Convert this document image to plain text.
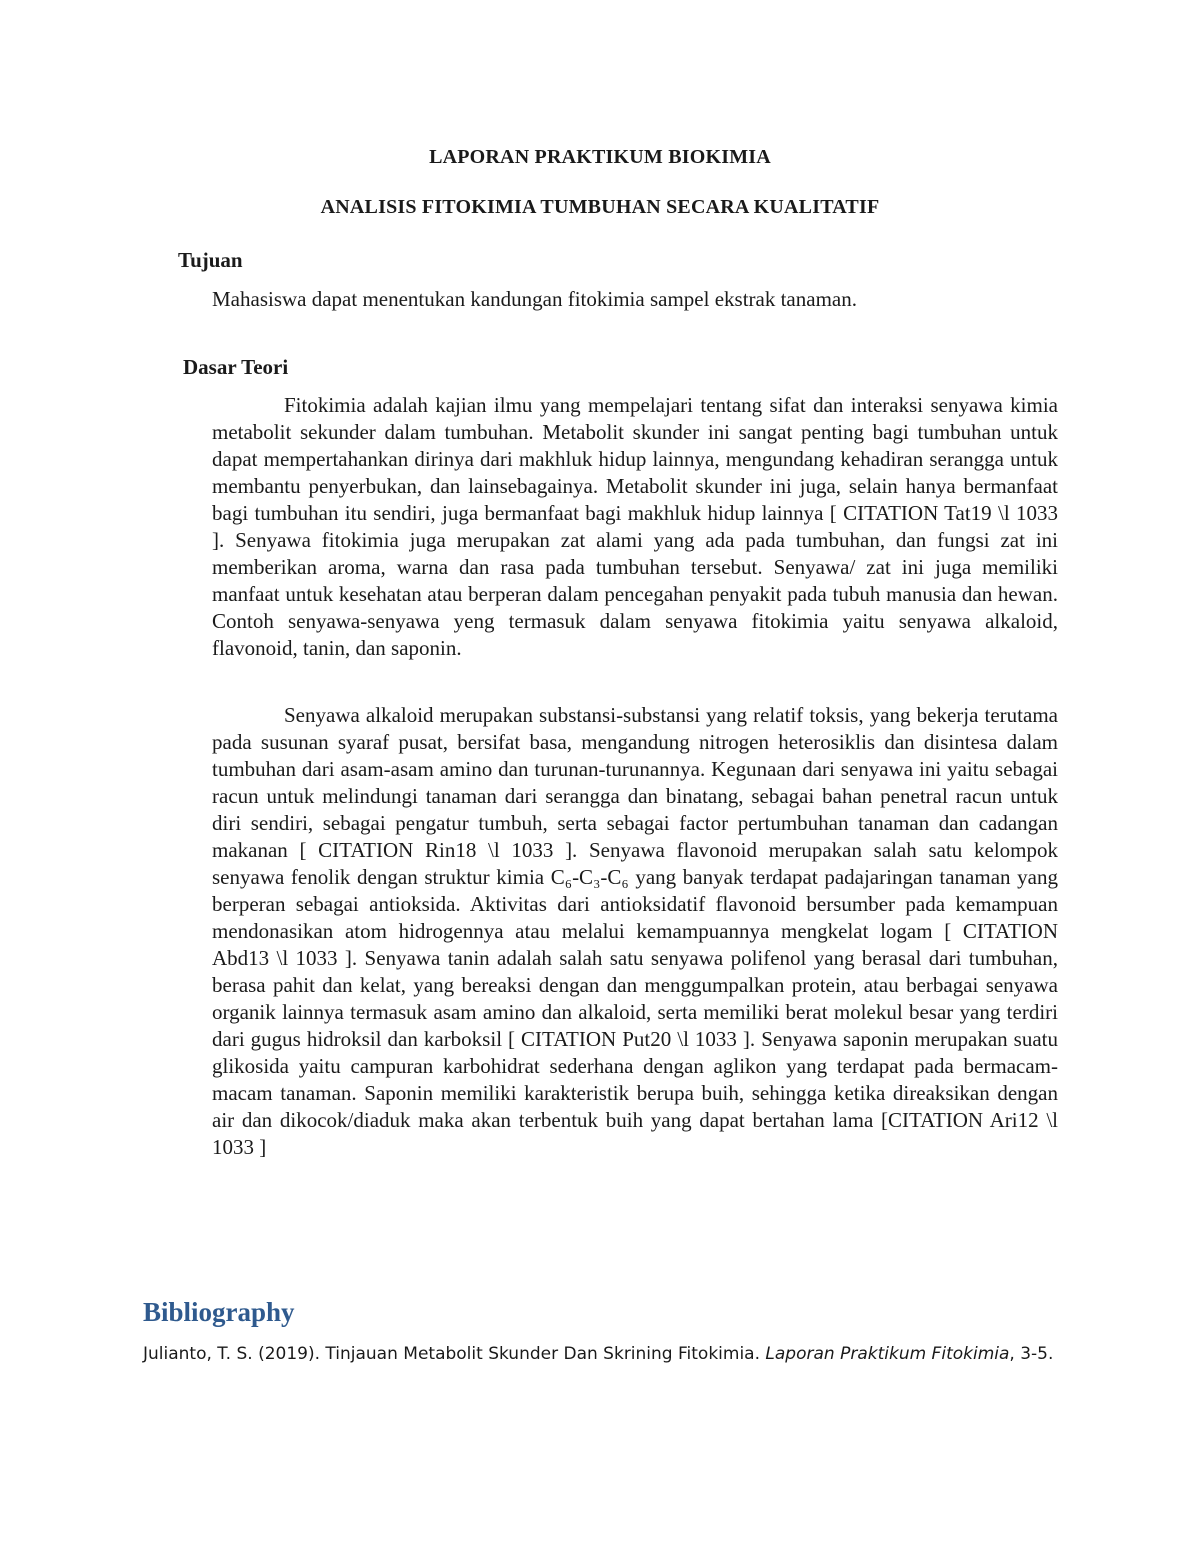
LAPORAN PRAKTIKUM BIOKIMIA
ANALISIS FITOKIMIA TUMBUHAN SECARA KUALITATIF
Tujuan
Mahasiswa dapat menentukan kandungan fitokimia sampel ekstrak tanaman.
Dasar Teori

Fitokimia adalah kajian ilmu yang mempelajari tentang sifat dan interaksi senyawa kimia metabolit sekunder dalam tumbuhan. Metabolit skunder ini sangat penting bagi tumbuhan untuk dapat mempertahankan dirinya dari makhluk hidup lainnya, mengundang kehadiran serangga untuk membantu penyerbukan, dan lainsebagainya. Metabolit skunder ini juga, selain hanya bermanfaat bagi tumbuhan itu sendiri, juga bermanfaat bagi makhluk hidup lainnya [ CITATION Tat19 \l 1033 ]. Senyawa fitokimia juga merupakan zat alami yang ada pada tumbuhan, dan fungsi zat ini memberikan aroma, warna dan rasa pada tumbuhan tersebut. Senyawa/ zat ini juga memiliki manfaat untuk kesehatan atau berperan dalam pencegahan penyakit pada tubuh manusia dan hewan. Contoh senyawa-senyawa yeng termasuk dalam senyawa fitokimia yaitu senyawa alkaloid, flavonoid, tanin, dan saponin.

Senyawa alkaloid merupakan substansi-substansi yang relatif toksis, yang bekerja terutama pada susunan syaraf pusat, bersifat basa, mengandung nitrogen heterosiklis dan disintesa dalam tumbuhan dari asam-asam amino dan turunan-turunannya. Kegunaan dari senyawa ini yaitu sebagai racun untuk melindungi tanaman dari serangga dan binatang, sebagai bahan penetral racun untuk diri sendiri, sebagai pengatur tumbuh, serta sebagai factor pertumbuhan tanaman dan cadangan makanan [ CITATION Rin18 \l 1033 ]. Senyawa flavonoid merupakan salah satu kelompok senyawa fenolik dengan struktur kimia C₆-C₃-C₆ yang banyak terdapat padajaringan tanaman yang berperan sebagai antioksida. Aktivitas dari antioksidatif flavonoid bersumber pada kemampuan mendonasikan atom hidrogennya atau melalui kemampuannya mengkelat logam [ CITATION Abd13 \l 1033 ]. Senyawa tanin adalah salah satu senyawa polifenol yang berasal dari tumbuhan, berasa pahit dan kelat, yang bereaksi dengan dan menggumpalkan protein, atau berbagai senyawa organik lainnya termasuk asam amino dan alkaloid, serta memiliki berat molekul besar yang terdiri dari gugus hidroksil dan karboksil [ CITATION Put20 \l 1033 ]. Senyawa saponin merupakan suatu glikosida yaitu campuran karbohidrat sederhana dengan aglikon yang terdapat pada bermacam-macam tanaman. Saponin memiliki karakteristik berupa buih, sehingga ketika direaksikan dengan air dan dikocok/diaduk maka akan terbentuk buih yang dapat bertahan lama [CITATION Ari12 \l 1033 ]

Bibliography

Julianto, T. S. (2019). Tinjauan Metabolit Skunder Dan Skrining Fitokimia. Laporan Praktikum Fitokimia, 3-5.
